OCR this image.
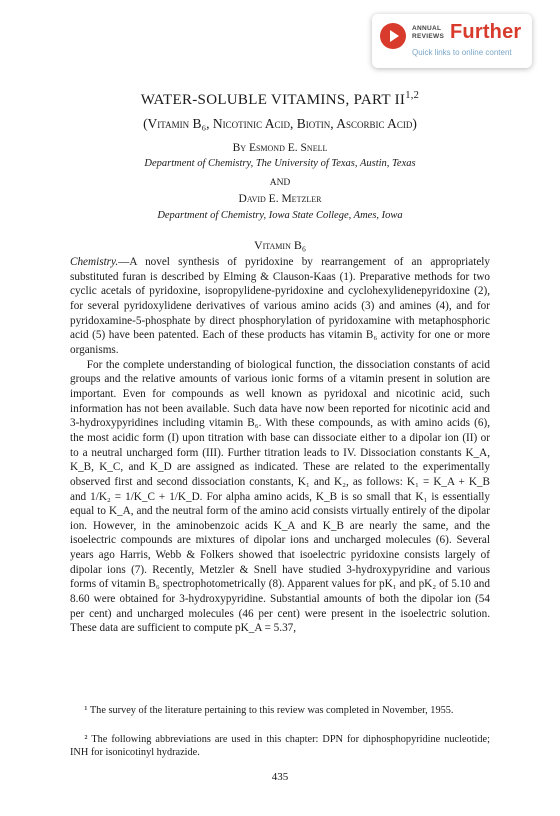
ANNUAL
REVIEWS Further
Quick links to online content
WATER-SOLUBLE VITAMINS, PART II$^{1,2}$
(Vitamin B₆, Nicotinic Acid, Biotin, Ascorbic Acid)
By Esmond E. Snell
Department of Chemistry, The University of Texas, Austin, Texas
AND
David E. Metzler
Department of Chemistry, Iowa State College, Ames, Iowa
Vitamin B₆

Chemistry.—A novel synthesis of pyridoxine by rearrangement of an appropriately substituted furan is described by Elming & Clauson-Kaas (1). Preparative methods for two cyclic acetals of pyridoxine, isopropylidene-pyridoxine and cyclohexylidenepyridoxine (2), for several pyridoxylidene derivatives of various amino acids (3) and amines (4), and for pyridoxamine-5-phosphate by direct phosphorylation of pyridoxamine with metaphosphoric acid (5) have been patented. Each of these products has vitamin B₆ activity for one or more organisms.

For the complete understanding of biological function, the dissociation constants of acid groups and the relative amounts of various ionic forms of a vitamin present in solution are important. Even for compounds as well known as pyridoxal and nicotinic acid, such information has not been available. Such data have now been reported for nicotinic acid and 3-hydroxypyridines including vitamin B₆. With these compounds, as with amino acids (6), the most acidic form (I) upon titration with base can dissociate either to a dipolar ion (II) or to a neutral uncharged form (III). Further titration leads to IV. Dissociation constants K_A, K_B, K_C, and K_D are assigned as indicated. These are related to the experimentally observed first and second dissociation constants, K₁ and K₂, as follows: K₁ = K_A + K_B and 1/K₂ = 1/K_C + 1/K_D. For alpha amino acids, K_B is so small that K₁ is essentially equal to K_A, and the neutral form of the amino acid consists virtually entirely of the dipolar ion. However, in the aminobenzoic acids K_A and K_B are nearly the same, and the isoelectric compounds are mixtures of dipolar ions and uncharged molecules (6). Several years ago Harris, Webb & Folkers showed that isoelectric pyridoxine consists largely of dipolar ions (7). Recently, Metzler & Snell have studied 3-hydroxypyridine and various forms of vitamin B₆ spectrophotometrically (8). Apparent values for pK₁ and pK₂ of 5.10 and 8.60 were obtained for 3-hydroxypyridine. Substantial amounts of both the dipolar ion (54 per cent) and uncharged molecules (46 per cent) were present in the isoelectric solution. These data are sufficient to compute pK_A = 5.37,

¹ The survey of the literature pertaining to this review was completed in November, 1955.
² The following abbreviations are used in this chapter: DPN for diphosphopyridine nucleotide; INH for isonicotinyl hydrazide.
435
